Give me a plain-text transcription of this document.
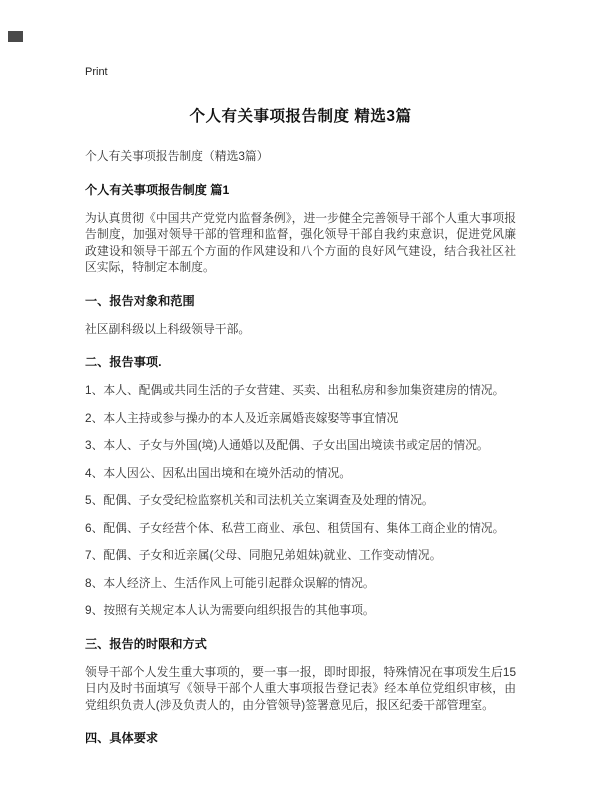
Print
个人有关事项报告制度 精选3篇

个人有关事项报告制度（精选3篇）

个人有关事项报告制度 篇1

为认真贯彻《中国共产党党内监督条例》，进一步健全完善领导干部个人重大事项报告制度，加强对领导干部的管理和监督，强化领导干部自我约束意识，促进党风廉政建设和领导干部五个方面的作风建设和八个方面的良好风气建设，结合我社区社区实际，特制定本制度。

一、报告对象和范围

社区副科级以上科级领导干部。

二、报告事项.

1、本人、配偶或共同生活的子女营建、买卖、出租私房和参加集资建房的情况。

2、本人主持或参与操办的本人及近亲属婚丧嫁娶等事宜情况

3、本人、子女与外国(境)人通婚以及配偶、子女出国出境读书或定居的情况。

4、本人因公、因私出国出境和在境外活动的情况。

5、配偶、子女受纪检监察机关和司法机关立案调查及处理的情况。

6、配偶、子女经营个体、私营工商业、承包、租赁国有、集体工商企业的情况。

7、配偶、子女和近亲属(父母、同胞兄弟姐妹)就业、工作变动情况。

8、本人经济上、生活作风上可能引起群众误解的情况。

9、按照有关规定本人认为需要向组织报告的其他事项。

三、报告的时限和方式

领导干部个人发生重大事项的，要一事一报，即时即报，特殊情况在事项发生后15日内及时书面填写《领导干部个人重大事项报告登记表》经本单位党组织审核，由党组织负责人(涉及负责人的，由分管领导)签署意见后，报区纪委干部管理室。

四、具体要求
